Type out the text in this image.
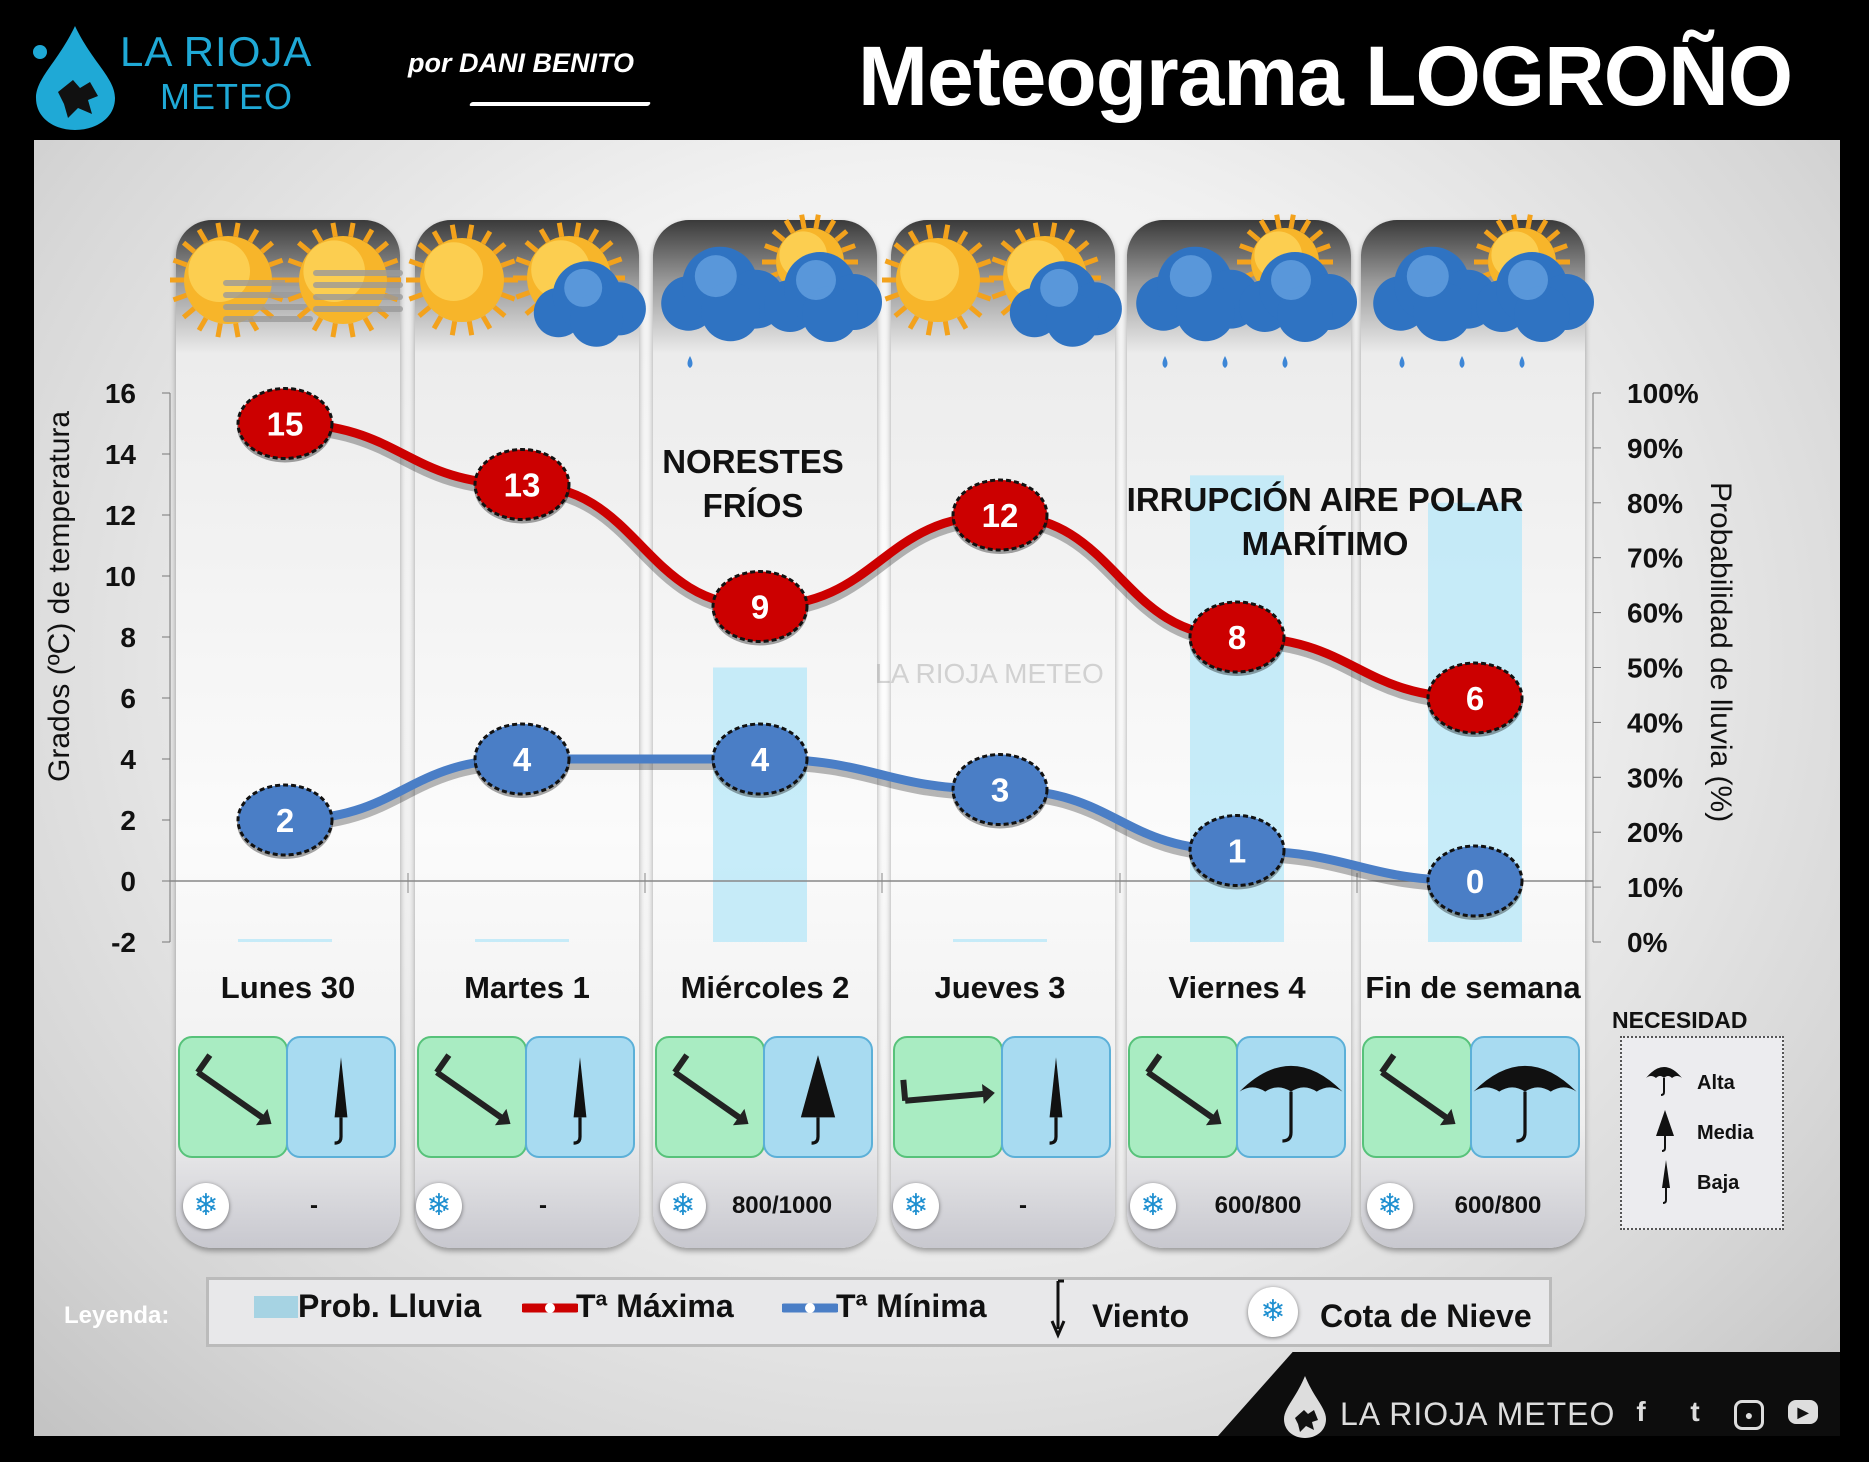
LA RIOJA
METEO
por DANI BENITO	Meteograma LOGROÑO
16
14
12
10
8
6
4
2
0
-2
100%
90%
80%
70%
60%
50%
40%
30%
20%
10%
0%
15
13
9
12
8
6
2
4	4
3
1
0
LA RIOJA METEO
NORESTES
FRÍOS	IRRUPCIÓN AIRE POLAR
MARÍTIMO
Grados (ºC) de temperatura	Probabilidad de lluvia (%)
Lunes 30	Martes 1	Miércoles 2	Jueves 3	Viernes 4	Fin de semana
❄	-	❄	-	❄	800/1000	❄	-	❄	600/800	❄	600/800
NECESIDAD
Alta
Media
Baja
Leyenda:	Prob. Lluvia	Tª Máxima	Tª Mínima	Viento	❄	Cota de Nieve
LA RIOJA METEO f	t	●	▶
